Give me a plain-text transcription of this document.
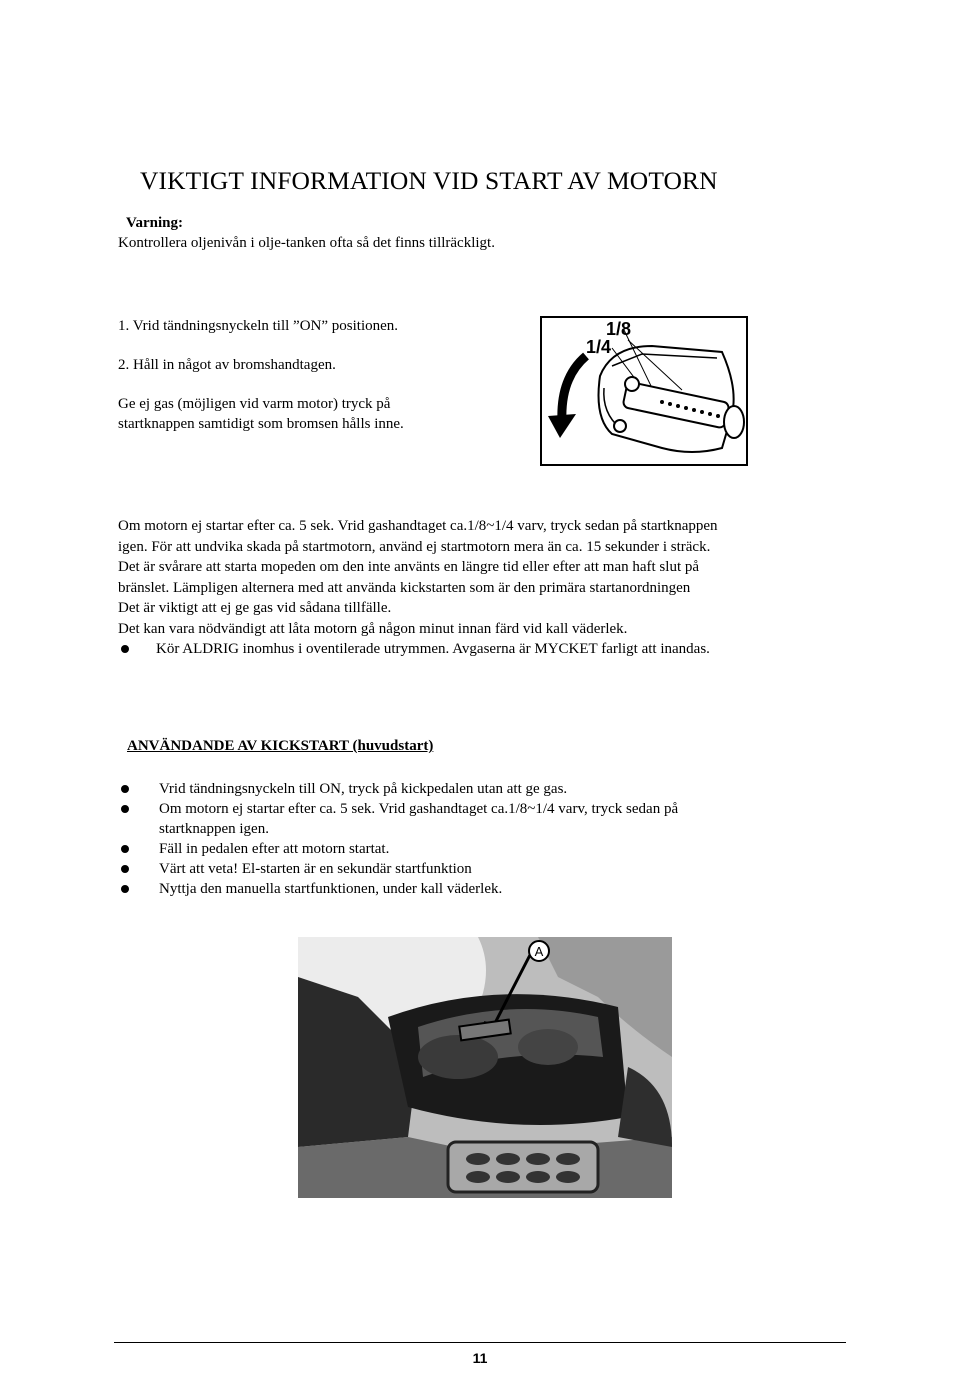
VIKTIGT INFORMATION VID START AV MOTORN
Varning:
Kontrollera oljenivån i olje-tanken ofta så det finns tillräckligt.
1. Vrid tändningsnyckeln till ”ON” positionen.
2. Håll in något av bromshandtagen.
Ge ej gas (möjligen vid varm motor) tryck på
startknappen samtidigt som bromsen hålls inne.
1/8
1/4
Om motorn ej startar efter ca. 5 sek. Vrid gashandtaget ca.1/8~1/4 varv, tryck sedan på startknappen
igen. För att undvika skada på startmotorn, använd ej startmotorn mera än ca. 15 sekunder i sträck.
Det är svårare att starta mopeden om den inte använts en längre tid eller efter att man haft slut på
bränslet. Lämpligen alternera med att använda kickstarten som är den primära startanordningen
Det är viktigt att ej ge gas vid sådana tillfälle.
Det kan vara nödvändigt att låta motorn gå någon minut innan färd vid kall väderlek.
Kör ALDRIG inomhus i oventilerade utrymmen. Avgaserna är MYCKET farligt att inandas.
ANVÄNDANDE AV KICKSTART (huvudstart)
Vrid tändningsnyckeln till ON, tryck på kickpedalen utan att ge gas.
Om motorn ej startar efter ca. 5 sek. Vrid gashandtaget ca.1/8~1/4 varv, tryck sedan på
startknappen igen.
Fäll in pedalen efter att motorn startat.
Värt att veta! El-starten är en sekundär startfunktion
Nyttja den manuella startfunktionen, under kall väderlek.
A
11
